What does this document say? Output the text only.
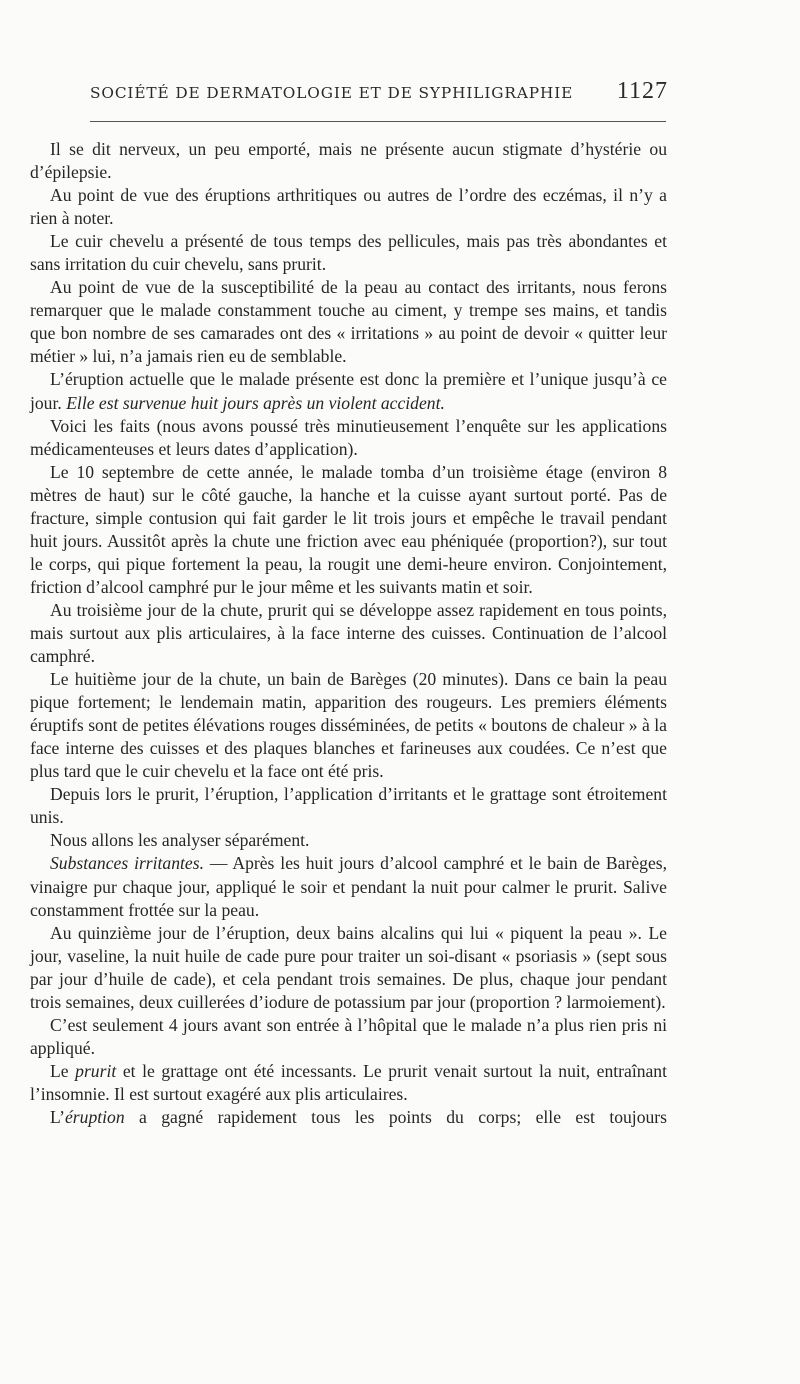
SOCIÉTÉ DE DERMATOLOGIE ET DE SYPHILIGRAPHIE 1127

Il se dit nerveux, un peu emporté, mais ne présente aucun stigmate d’hystérie ou d’épilepsie.

Au point de vue des éruptions arthritiques ou autres de l’ordre des eczémas, il n’y a rien à noter.

Le cuir chevelu a présenté de tous temps des pellicules, mais pas très abondantes et sans irritation du cuir chevelu, sans prurit.

Au point de vue de la susceptibilité de la peau au contact des irritants, nous ferons remarquer que le malade constamment touche au ciment, y trempe ses mains, et tandis que bon nombre de ses camarades ont des « irritations » au point de devoir « quitter leur métier » lui, n’a jamais rien eu de semblable.

L’éruption actuelle que le malade présente est donc la première et l’unique jusqu’à ce jour. Elle est survenue huit jours après un violent accident.

Voici les faits (nous avons poussé très minutieusement l’enquête sur les applications médicamenteuses et leurs dates d’application).

Le 10 septembre de cette année, le malade tomba d’un troisième étage (environ 8 mètres de haut) sur le côté gauche, la hanche et la cuisse ayant surtout porté. Pas de fracture, simple contusion qui fait garder le lit trois jours et empêche le travail pendant huit jours. Aussitôt après la chute une friction avec eau phéniquée (proportion?), sur tout le corps, qui pique fortement la peau, la rougit une demi-heure environ. Conjointement, friction d’alcool camphré pur le jour même et les suivants matin et soir.

Au troisième jour de la chute, prurit qui se développe assez rapidement en tous points, mais surtout aux plis articulaires, à la face interne des cuisses. Continuation de l’alcool camphré.

Le huitième jour de la chute, un bain de Barèges (20 minutes). Dans ce bain la peau pique fortement; le lendemain matin, apparition des rougeurs. Les premiers éléments éruptifs sont de petites élévations rouges disséminées, de petits « boutons de chaleur » à la face interne des cuisses et des plaques blanches et farineuses aux coudées. Ce n’est que plus tard que le cuir chevelu et la face ont été pris.

Depuis lors le prurit, l’éruption, l’application d’irritants et le grattage sont étroitement unis.

Nous allons les analyser séparément.

Substances irritantes. — Après les huit jours d’alcool camphré et le bain de Barèges, vinaigre pur chaque jour, appliqué le soir et pendant la nuit pour calmer le prurit. Salive constamment frottée sur la peau.

Au quinzième jour de l’éruption, deux bains alcalins qui lui « piquent la peau ». Le jour, vaseline, la nuit huile de cade pure pour traiter un soi-disant « psoriasis » (sept sous par jour d’huile de cade), et cela pendant trois semaines. De plus, chaque jour pendant trois semaines, deux cuillerées d’iodure de potassium par jour (proportion ? larmoiement).

C’est seulement 4 jours avant son entrée à l’hôpital que le malade n’a plus rien pris ni appliqué.

Le prurit et le grattage ont été incessants. Le prurit venait surtout la nuit, entraînant l’insomnie. Il est surtout exagéré aux plis articulaires.

L’éruption a gagné rapidement tous les points du corps; elle est toujours
